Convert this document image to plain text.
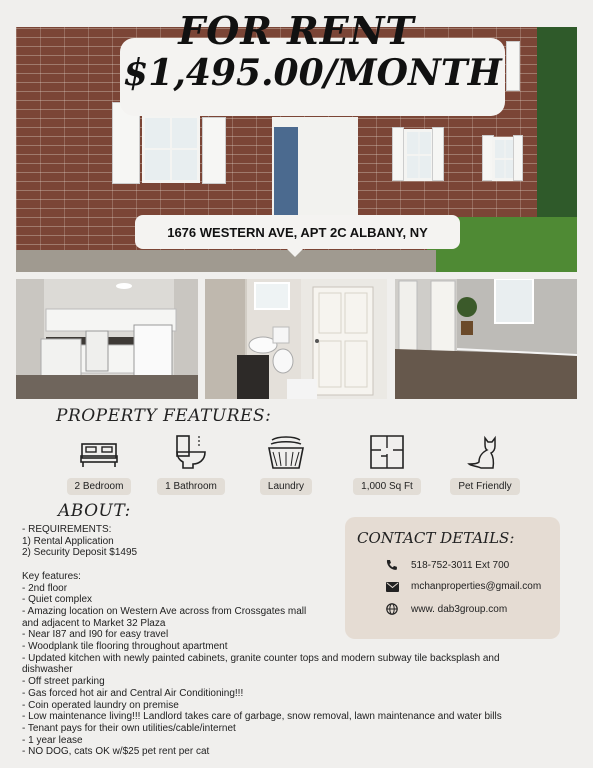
FOR RENT
$1,495.00/MONTH
1676 WESTERN AVE, APT 2C ALBANY, NY
PROPERTY FEATURES:
2 Bedroom	1 Bathroom	Laundry	1,000 Sq Ft	Pet Friendly
ABOUT:
- REQUIREMENTS:
1) Rental Application
2) Security Deposit $1495
Key features:
- 2nd floor
- Quiet complex
- Amazing location on Western Ave across from Crossgates mall
and adjacent to Market 32 Plaza
- Near I87 and I90 for easy travel
- Woodplank tile flooring throughout apartment
- Updated kitchen with newly painted cabinets, granite counter tops and modern subway tile backsplash and
dishwasher
- Off street parking
- Gas forced hot air and Central Air Conditioning!!!
- Coin operated laundry on premise
- Low maintenance living!!! Landlord takes care of garbage, snow removal, lawn maintenance and water bills
- Tenant pays for their own utilities/cable/internet
- 1 year lease
- NO DOG, cats OK w/$25 pet rent per cat
CONTACT DETAILS:
518-752-3011 Ext 700
mchanproperties@gmail.com
www. dab3group.com
